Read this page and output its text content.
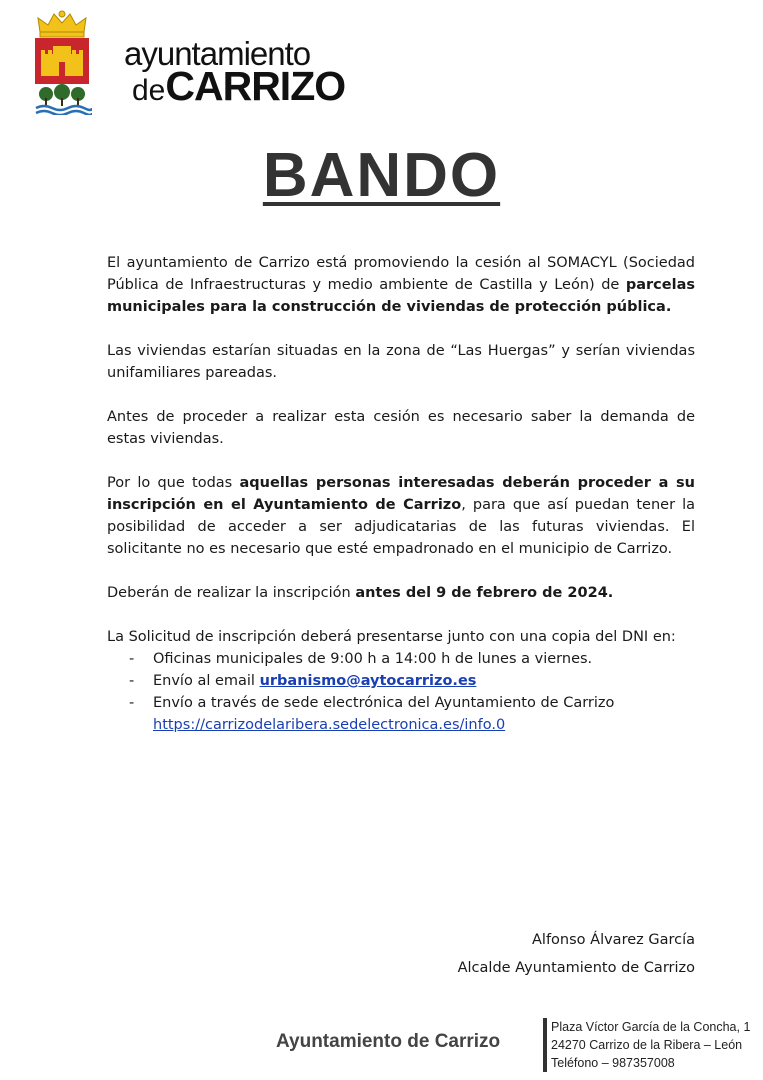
ayuntamiento
deCARRIZO
BANDO

El ayuntamiento de Carrizo está promoviendo la cesión al SOMACYL (Sociedad Pública de Infraestructuras y medio ambiente de Castilla y León) de parcelas municipales para la construcción de viviendas de protección pública.

Las viviendas estarían situadas en la zona de “Las Huergas” y serían viviendas unifamiliares pareadas.

Antes de proceder a realizar esta cesión es necesario saber la demanda de estas viviendas.

Por lo que todas aquellas personas interesadas deberán proceder a su inscripción en el Ayuntamiento de Carrizo, para que así puedan tener la posibilidad de acceder a ser adjudicatarias de las futuras viviendas. El solicitante no es necesario que esté empadronado en el municipio de Carrizo.

Deberán de realizar la inscripción antes del 9 de febrero de 2024.

La Solicitud de inscripción deberá presentarse junto con una copia del DNI en:

- Oficinas municipales de 9:00 h a 14:00 h de lunes a viernes.
- Envío al email urbanismo@aytocarrizo.es
- Envío a través de sede electrónica del Ayuntamiento de Carrizo
https://carrizodelaribera.sedelectronica.es/info.0
Alfonso Álvarez García
Alcalde Ayuntamiento de Carrizo
Ayuntamiento de Carrizo
Plaza Víctor García de la Concha, 1
24270 Carrizo de la Ribera – León
Teléfono – 987357008
